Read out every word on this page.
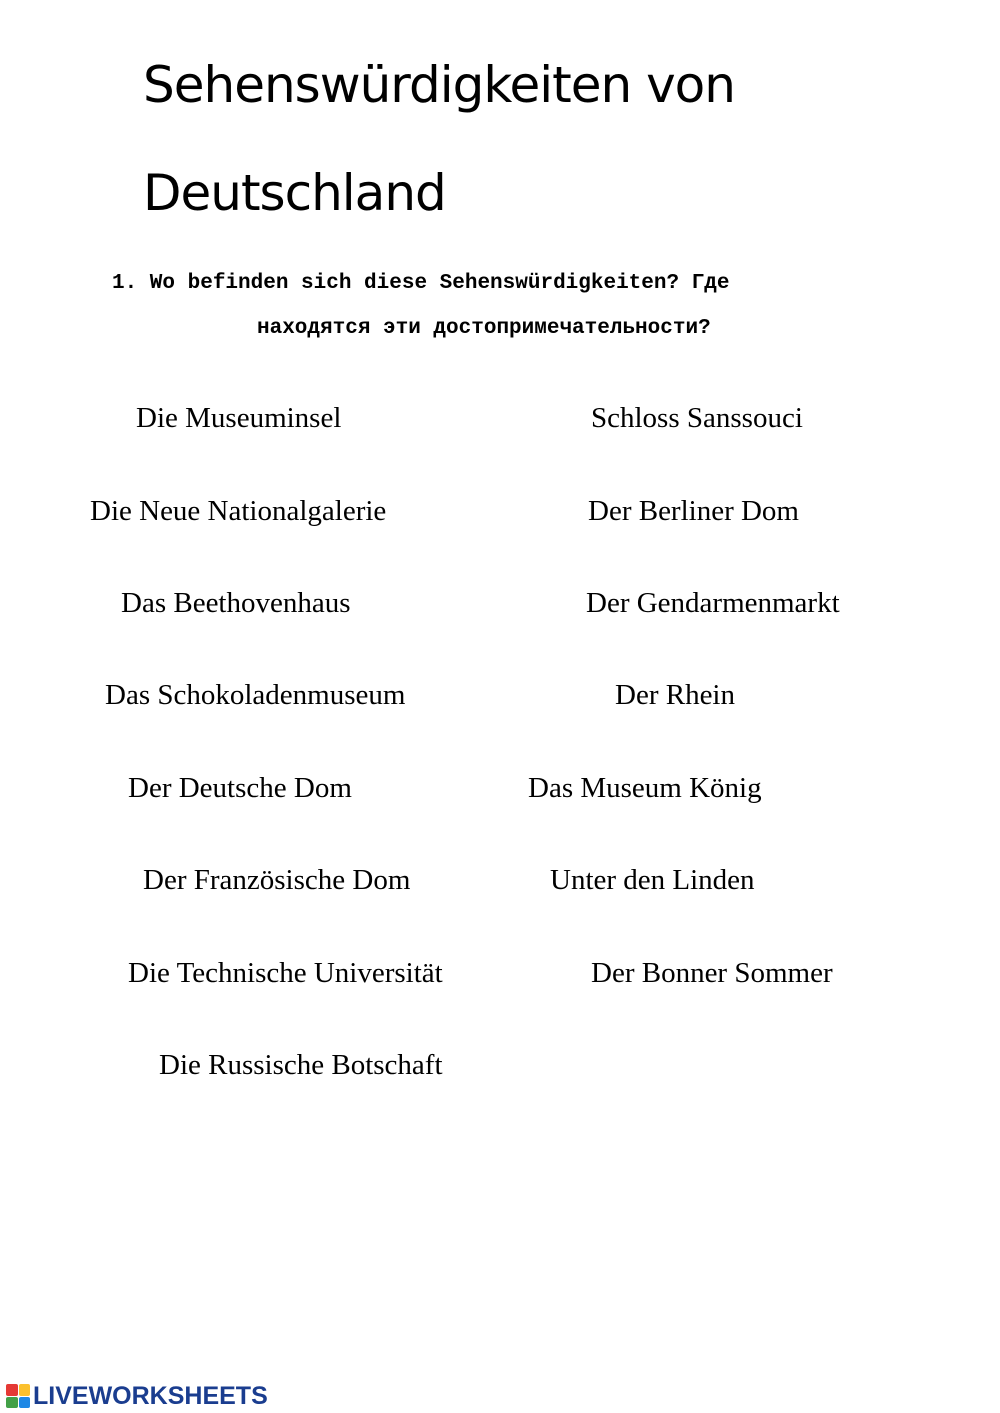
Sehenswürdigkeiten von
Deutschland
1. Wo befinden sich diese Sehenswürdigkeiten? Где
находятся эти достопримечательности?
Die Museuminsel
Die Neue Nationalgalerie
Das Beethovenhaus
Das Schokoladenmuseum
Der Deutsche Dom
Der Französische Dom
Die Technische Universität
Die Russische Botschaft
Schloss Sanssouci
Der Berliner Dom
Der Gendarmenmarkt
Der Rhein
Das Museum König
Unter den Linden
Der Bonner Sommer
LIVEWORKSHEETS
